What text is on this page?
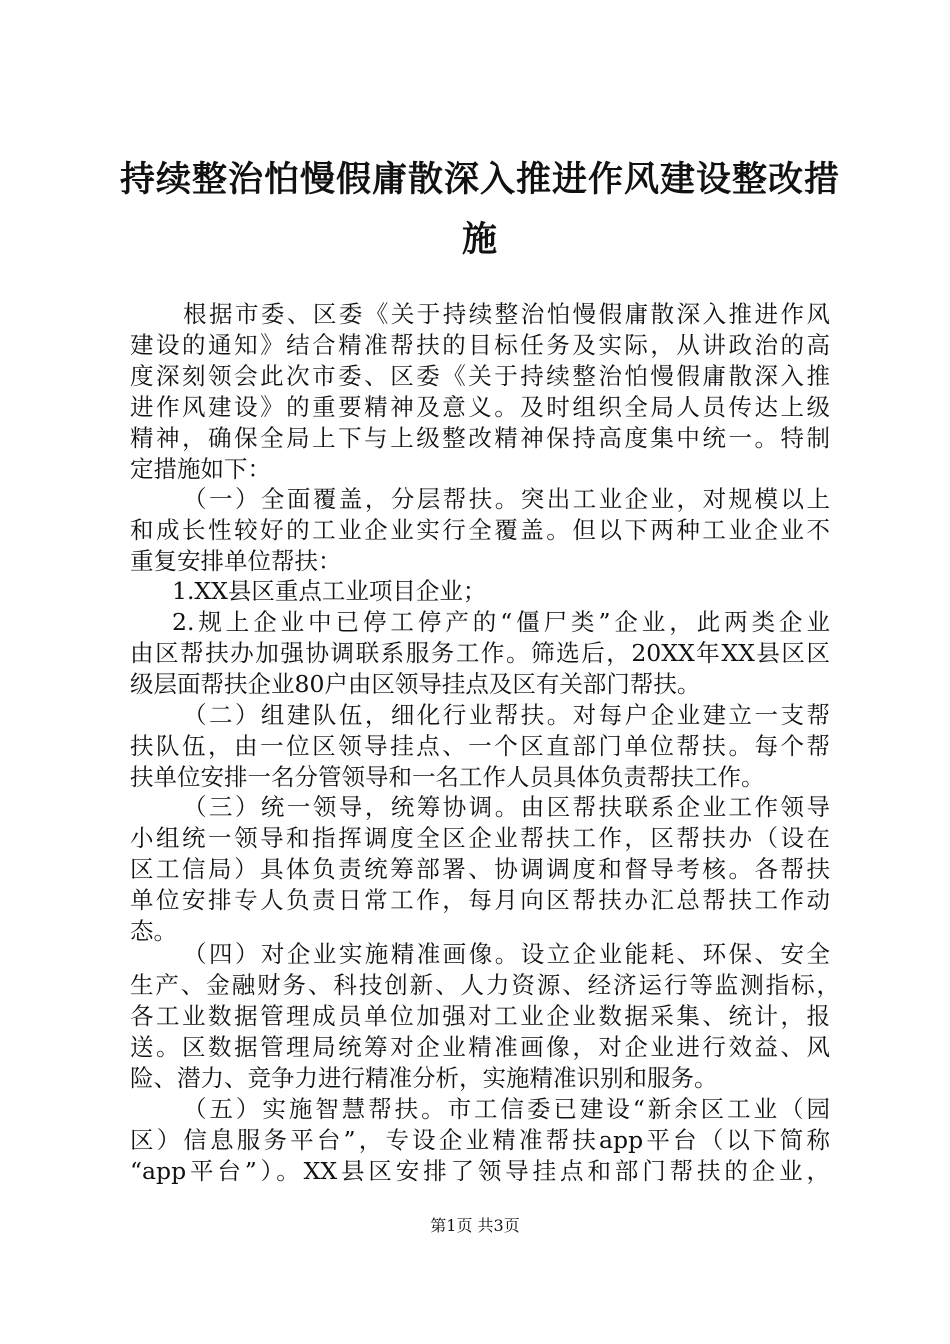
持续整治怕慢假庸散深入推进作风建设整改措
施
根据市委、区委《关于持续整治怕慢假庸散深入推进作风
建设的通知》结合精准帮扶的目标任务及实际，从讲政治的高
度深刻领会此次市委、区委《关于持续整治怕慢假庸散深入推
进作风建设》的重要精神及意义。及时组织全局人员传达上级
精神，确保全局上下与上级整改精神保持高度集中统一。特制
定措施如下：
（一）全面覆盖，分层帮扶。突出工业企业，对规模以上
和成长性较好的工业企业实行全覆盖。但以下两种工业企业不
重复安排单位帮扶：
1.XX县区重点工业项目企业；
2.规上企业中已停工停产的“僵尸类”企业，此两类企业
由区帮扶办加强协调联系服务工作。筛选后，20XX年XX县区区
级层面帮扶企业80户由区领导挂点及区有关部门帮扶。
（二）组建队伍，细化行业帮扶。对每户企业建立一支帮
扶队伍，由一位区领导挂点、一个区直部门单位帮扶。每个帮
扶单位安排一名分管领导和一名工作人员具体负责帮扶工作。
（三）统一领导，统筹协调。由区帮扶联系企业工作领导
小组统一领导和指挥调度全区企业帮扶工作，区帮扶办（设在
区工信局）具体负责统筹部署、协调调度和督导考核。各帮扶
单位安排专人负责日常工作，每月向区帮扶办汇总帮扶工作动
态。
（四）对企业实施精准画像。设立企业能耗、环保、安全
生产、金融财务、科技创新、人力资源、经济运行等监测指标，
各工业数据管理成员单位加强对工业企业数据采集、统计，报
送。区数据管理局统筹对企业精准画像，对企业进行效益、风
险、潜力、竞争力进行精准分析，实施精准识别和服务。
（五）实施智慧帮扶。市工信委已建设“新余区工业（园
区）信息服务平台”，专设企业精准帮扶app平台（以下简称
“app平台”）。XX县区安排了领导挂点和部门帮扶的企业，
第1页 共3页
